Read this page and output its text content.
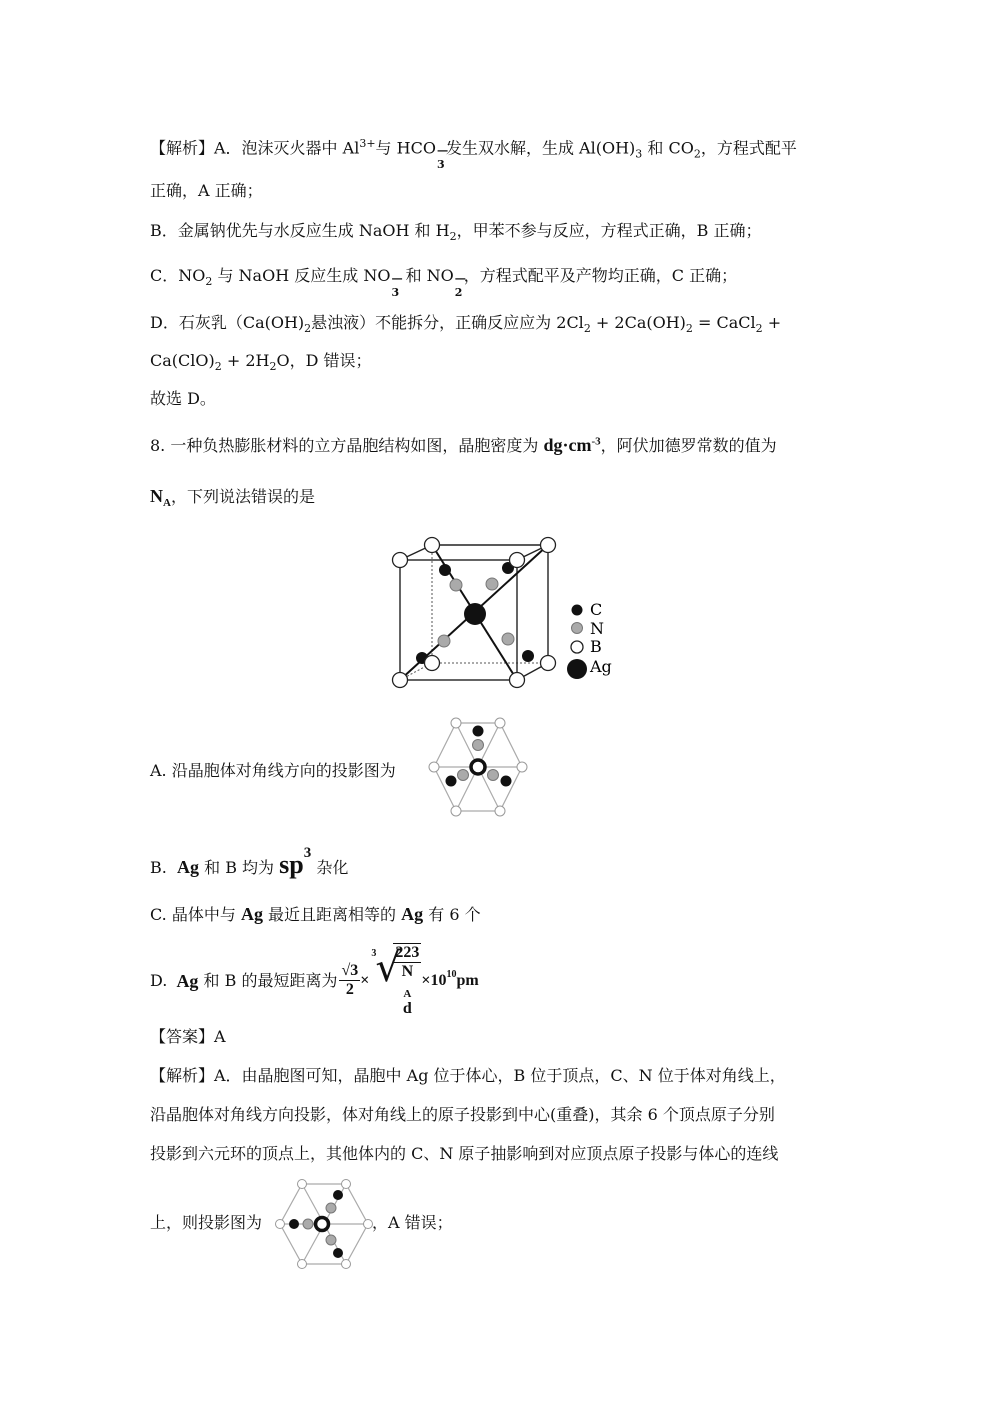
【解析】A．泡沫灭火器中 $Al^{3+}$与 HCO −
3
发生双水解，生成 $Al(OH)_3$ 和 $CO_2$，方程式配平
正确，A 正确；
B．金属钠优先与水反应生成 NaOH 和 $H_2$，甲苯不参与反应，方程式正确，B 正确；
C．$NO_2$ 与 NaOH 反应生成 NO −
3
和 NO −
2
，方程式配平及产物均正确，C 正确；
D．石灰乳（$Ca(OH)_2$悬浊液）不能拆分，正确反应应为 $2Cl_2 + 2Ca(OH)_2$ = CaCl$_2$ +
$Ca(ClO)_2 + 2H_2O$，D 错误；
故选 D。
8. 一种负热膨胀材料的立方晶胞结构如图，晶胞密度为 $dg\cdot cm^{-3}$，阿伏加德罗常数的值为
$N_A$，下列说法错误的是
C
N
B
Ag
A. 沿晶胞体对角线方向的投影图为
B. Ag 和 B 均为 $sp^3$ 杂化
C. 晶体中与 Ag 最近且距离相等的 Ag 有 6 个
D.
Ag
和 B 的最短距离为 $\frac{√3}{2}$ ×
3 √
223
N
$_A$
$d \times 10^{10}$ pm
【答案】A
【解析】A．由晶胞图可知，晶胞中 Ag 位于体心，B 位于顶点，C、N 位于体对角线上，
沿晶胞体对角线方向投影，体对角线上的原子投影到中心(重叠)，其余 6 个顶点原子分别
投影到六元环的顶点上，其他体内的 C、N 原子抽影响到对应顶点原子投影与体心的连线
上，则投影图为	，A 错误；
